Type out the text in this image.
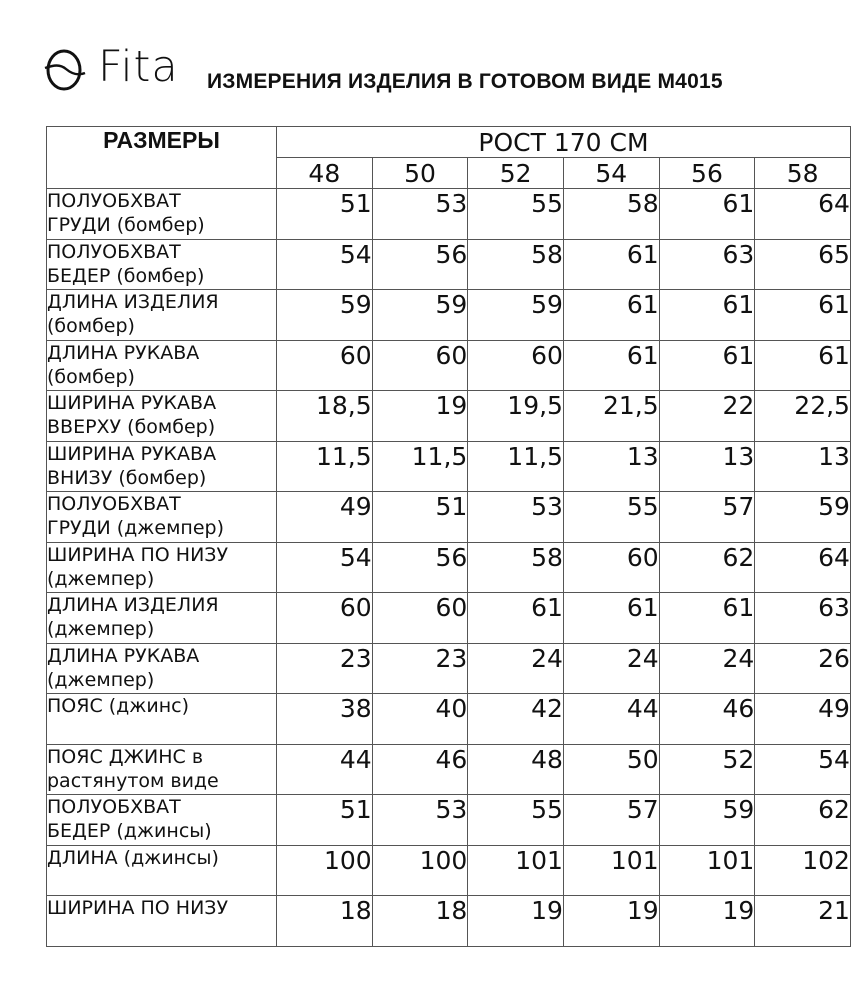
Fita ИЗМЕРЕНИЯ ИЗДЕЛИЯ В ГОТОВОМ ВИДЕ М4015
РАЗМЕРЫ	РОСТ 170 СМ					
	48	50	52	54	56	58

ПОЛУОБХВАТ
ГРУДИ (бомбер)	51	53	55	58	61	64

ПОЛУОБХВАТ
БЕДЕР (бомбер)	54	56	58	61	63	65

ДЛИНА ИЗДЕЛИЯ
(бомбер)	59	59	59	61	61	61

ДЛИНА РУКАВА
(бомбер)	60	60	60	61	61	61

ШИРИНА РУКАВА
ВВЕРХУ (бомбер)	18,5	19	19,5	21,5	22	22,5

ШИРИНА РУКАВА
ВНИЗУ (бомбер)	11,5	11,5	11,5	13	13	13

ПОЛУОБХВАТ
ГРУДИ (джемпер)	49	51	53	55	57	59

ШИРИНА ПО НИЗУ
(джемпер)	54	56	58	60	62	64

ДЛИНА ИЗДЕЛИЯ
(джемпер)	60	60	61	61	61	63

ДЛИНА РУКАВА
(джемпер)	23	23	24	24	24	26

ПОЯС (джинс)	38	40	42	44	46	49

ПОЯС ДЖИНС в
растянутом виде	44	46	48	50	52	54

ПОЛУОБХВАТ
БЕДЕР (джинсы)	51	53	55	57	59	62

ДЛИНА (джинсы)	100	100	101	101	101	102

ШИРИНА ПО НИЗУ	18	18	19	19	19	21
